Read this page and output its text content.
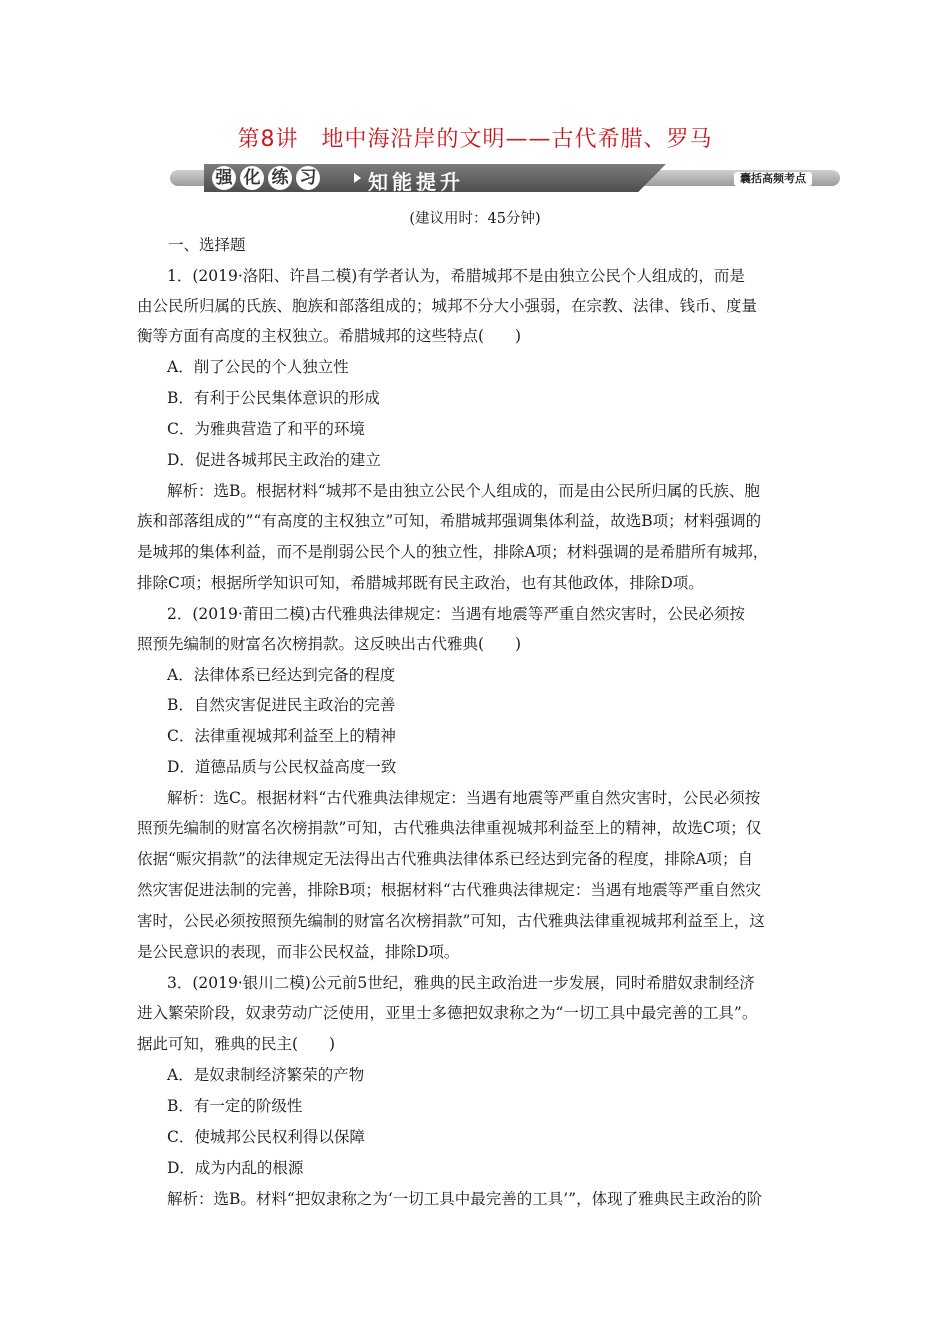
第8讲　地中海沿岸的文明——古代希腊、罗马
强 化 练 习	知能提升	囊括高频考点
(建议用时：45分钟)
一、选择题
1．(2019·洛阳、许昌二模)有学者认为，希腊城邦不是由独立公民个人组成的，而是
由公民所归属的氏族、胞族和部落组成的；城邦不分大小强弱，在宗教、法律、钱币、度量
衡等方面有高度的主权独立。希腊城邦的这些特点(　　)
A．削了公民的个人独立性
B．有利于公民集体意识的形成
C．为雅典营造了和平的环境
D．促进各城邦民主政治的建立
解析：选B。根据材料“城邦不是由独立公民个人组成的，而是由公民所归属的氏族、胞
族和部落组成的”“有高度的主权独立”可知，希腊城邦强调集体利益，故选B项；材料强调的
是城邦的集体利益，而不是削弱公民个人的独立性，排除A项；材料强调的是希腊所有城邦，
排除C项；根据所学知识可知，希腊城邦既有民主政治，也有其他政体，排除D项。
2．(2019·莆田二模)古代雅典法律规定：当遇有地震等严重自然灾害时，公民必须按
照预先编制的财富名次榜捐款。这反映出古代雅典(　　)
A．法律体系已经达到完备的程度
B．自然灾害促进民主政治的完善
C．法律重视城邦利益至上的精神
D．道德品质与公民权益高度一致
解析：选C。根据材料“古代雅典法律规定：当遇有地震等严重自然灾害时，公民必须按
照预先编制的财富名次榜捐款”可知，古代雅典法律重视城邦利益至上的精神，故选C项；仅
依据“赈灾捐款”的法律规定无法得出古代雅典法律体系已经达到完备的程度，排除A项；自
然灾害促进法制的完善，排除B项；根据材料“古代雅典法律规定：当遇有地震等严重自然灾
害时，公民必须按照预先编制的财富名次榜捐款”可知，古代雅典法律重视城邦利益至上，这
是公民意识的表现，而非公民权益，排除D项。
3．(2019·银川二模)公元前5世纪，雅典的民主政治进一步发展，同时希腊奴隶制经济
进入繁荣阶段，奴隶劳动广泛使用，亚里士多德把奴隶称之为“一切工具中最完善的工具”。
据此可知，雅典的民主(　　)
A．是奴隶制经济繁荣的产物
B．有一定的阶级性
C．使城邦公民权利得以保障
D．成为内乱的根源
解析：选B。材料“把奴隶称之为‘一切工具中最完善的工具’”，体现了雅典民主政治的阶
